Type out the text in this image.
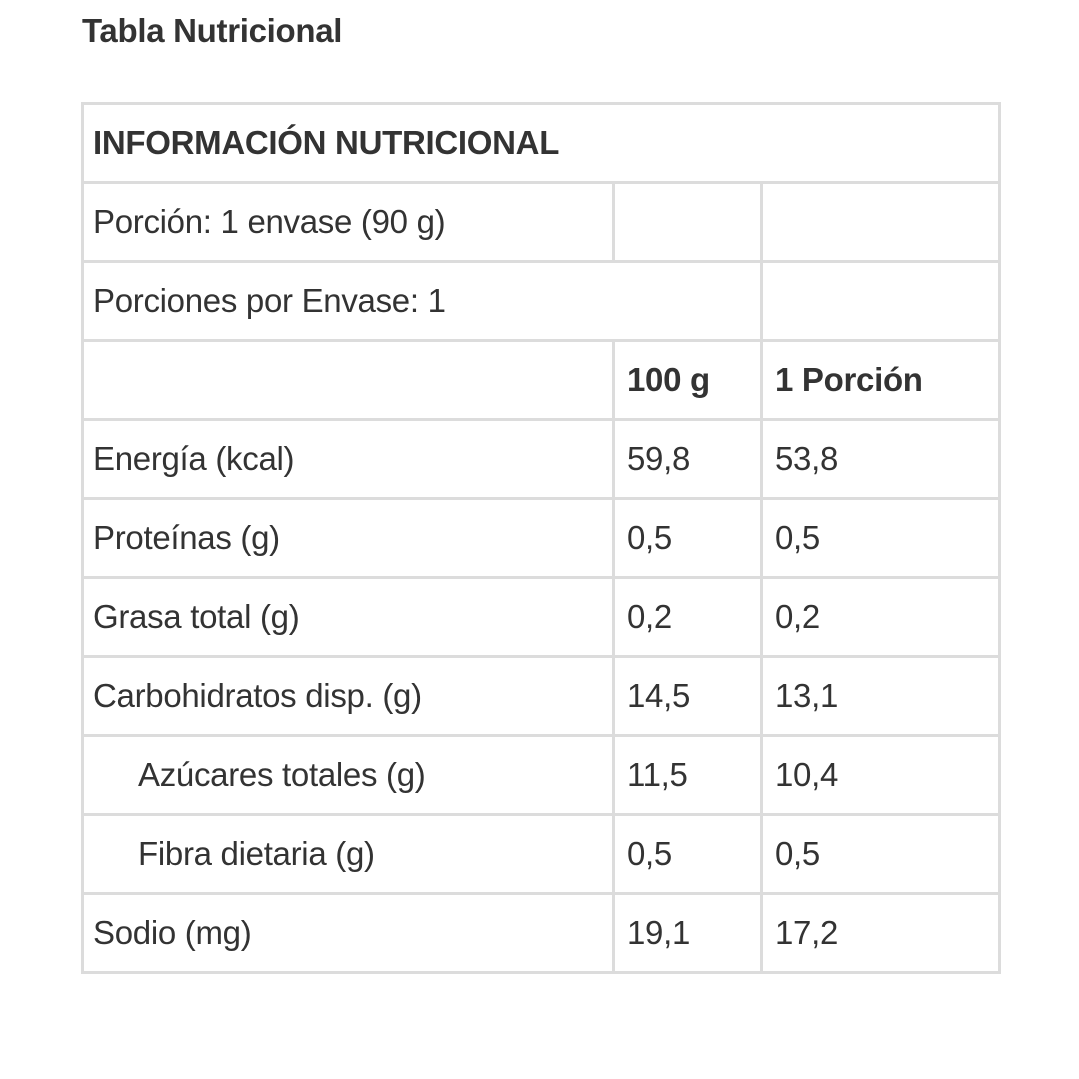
Tabla Nutricional
INFORMACIÓN NUTRICIONAL		
Porción: 1 envase (90 g)		
Porciones por Envase: 1		
	100 g	1 Porción
Energía (kcal)	59,8	53,8
Proteínas (g)	0,5	0,5
Grasa total (g)	0,2	0,2
Carbohidratos disp. (g)	14,5	13,1
Azúcares totales (g)	11,5	10,4
Fibra dietaria (g)	0,5	0,5
Sodio (mg)	19,1	17,2
